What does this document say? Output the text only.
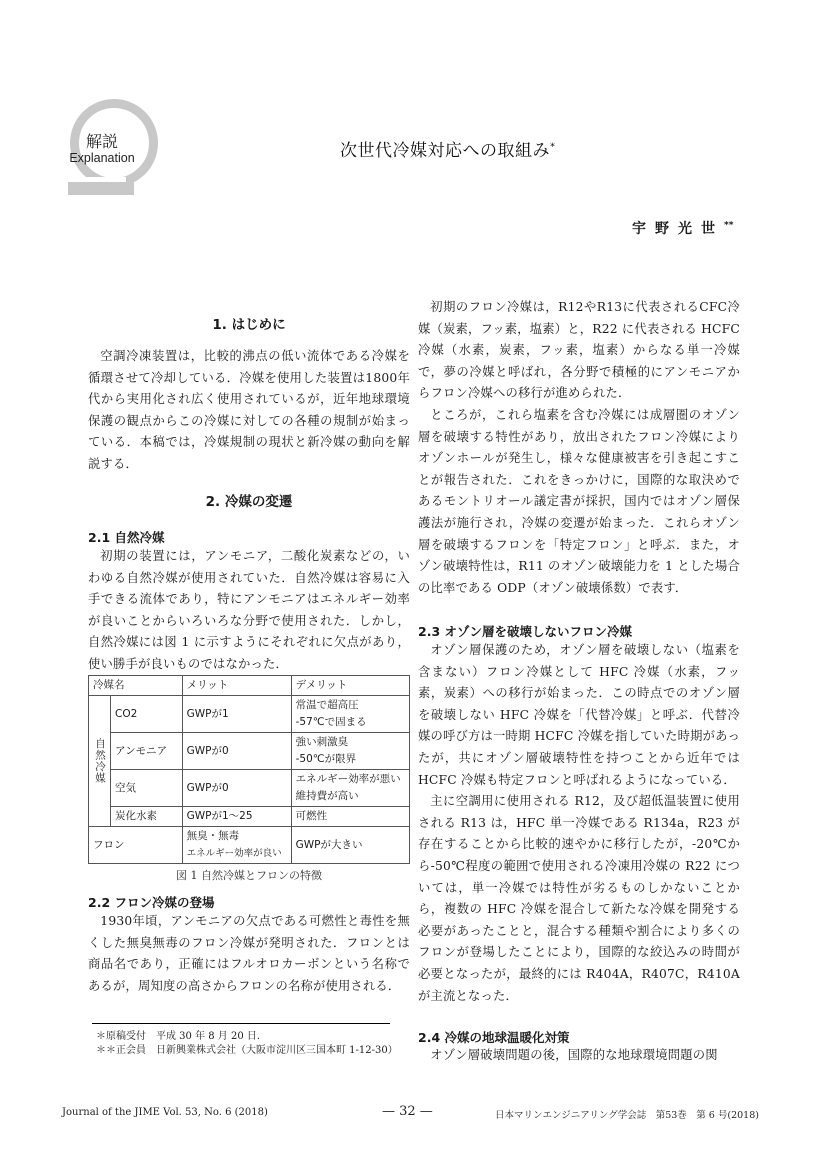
解説
Explanation	次世代冷媒対応への取組み*
宇野光世**
1. はじめに

空調冷凍装置は，比較的沸点の低い流体である冷媒を循環させて冷却している．冷媒を使用した装置は1800年代から実用化され広く使用されているが，近年地球環境保護の観点からこの冷媒に対しての各種の規制が始まっている．本稿では，冷媒規制の現状と新冷媒の動向を解説する．

2. 冷媒の変遷
2.1 自然冷媒

初期の装置には，アンモニア，二酸化炭素などの，いわゆる自然冷媒が使用されていた．自然冷媒は容易に入手できる流体であり，特にアンモニアはエネルギー効率が良いことからいろいろな分野で使用された．しかし，自然冷媒には図 1 に示すようにそれぞれに欠点があり，使い勝手が良いものではなかった．

冷媒名		メリット	デメリット
自然冷媒	CO2	GWPが1	常温で超高圧
-57℃で固まる

	アンモニア	GWPが0	強い刺激臭
-50℃が限界

	空気	GWPが0	エネルギー効率が悪い
維持費が高い

	炭化水素	GWPが1～25	可燃性
フロン		無臭・無毒
エネルギー効率が良い	GWPが大きい
図 1 自然冷媒とフロンの特徴
2.2 フロン冷媒の登場

1930年頃，アンモニアの欠点である可燃性と毒性を無くした無臭無毒のフロン冷媒が発明された．フロンとは商品名であり，正確にはフルオロカーボンという名称であるが，周知度の高さからフロンの名称が使用される．

初期のフロン冷媒は，R12やR13に代表されるCFC冷媒（炭素，フッ素，塩素）と，R22 に代表される HCFC冷媒（水素，炭素，フッ素，塩素）からなる単一冷媒で，夢の冷媒と呼ばれ，各分野で積極的にアンモニアからフロン冷媒への移行が進められた．

ところが，これら塩素を含む冷媒には成層圏のオゾン層を破壊する特性があり，放出されたフロン冷媒によりオゾンホールが発生し，様々な健康被害を引き起こすことが報告された．これをきっかけに，国際的な取決めであるモントリオール議定書が採択，国内ではオゾン層保護法が施行され，冷媒の変遷が始まった．これらオゾン層を破壊するフロンを「特定フロン」と呼ぶ．また，オゾン破壊特性は，R11 のオゾン破壊能力を 1 とした場合の比率である ODP（オゾン破壊係数）で表す．

2.3 オゾン層を破壊しないフロン冷媒

オゾン層保護のため，オゾン層を破壊しない（塩素を含まない）フロン冷媒として HFC 冷媒（水素，フッ素，炭素）への移行が始まった．この時点でのオゾン層を破壊しない HFC 冷媒を「代替冷媒」と呼ぶ．代替冷媒の呼び方は一時期 HCFC 冷媒を指していた時期があったが，共にオゾン層破壊特性を持つことから近年では HCFC 冷媒も特定フロンと呼ばれるようになっている．

主に空調用に使用される R12，及び超低温装置に使用される R13 は，HFC 単一冷媒である R134a，R23 が存在することから比較的速やかに移行したが，-20℃から-50℃程度の範囲で使用される冷凍用冷媒の R22 については，単一冷媒では特性が劣るものしかないことから，複数の HFC 冷媒を混合して新たな冷媒を開発する必要があったことと，混合する種類や割合により多くのフロンが登場したことにより，国際的な絞込みの時間が必要となったが，最終的には R404A，R407C，R410A が主流となった．

2.4 冷媒の地球温暖化対策

オゾン層破壊問題の後，国際的な地球環境問題の関

＊原稿受付　平成 30 年 8 月 20 日．
＊＊正会員　日新興業株式会社（大阪市淀川区三国本町 1-12-30）
Journal of the JIME Vol. 53, No. 6 (2018)	— 32 —	日本マリンエンジニアリング学会誌　第53巻　第 6 号(2018)
